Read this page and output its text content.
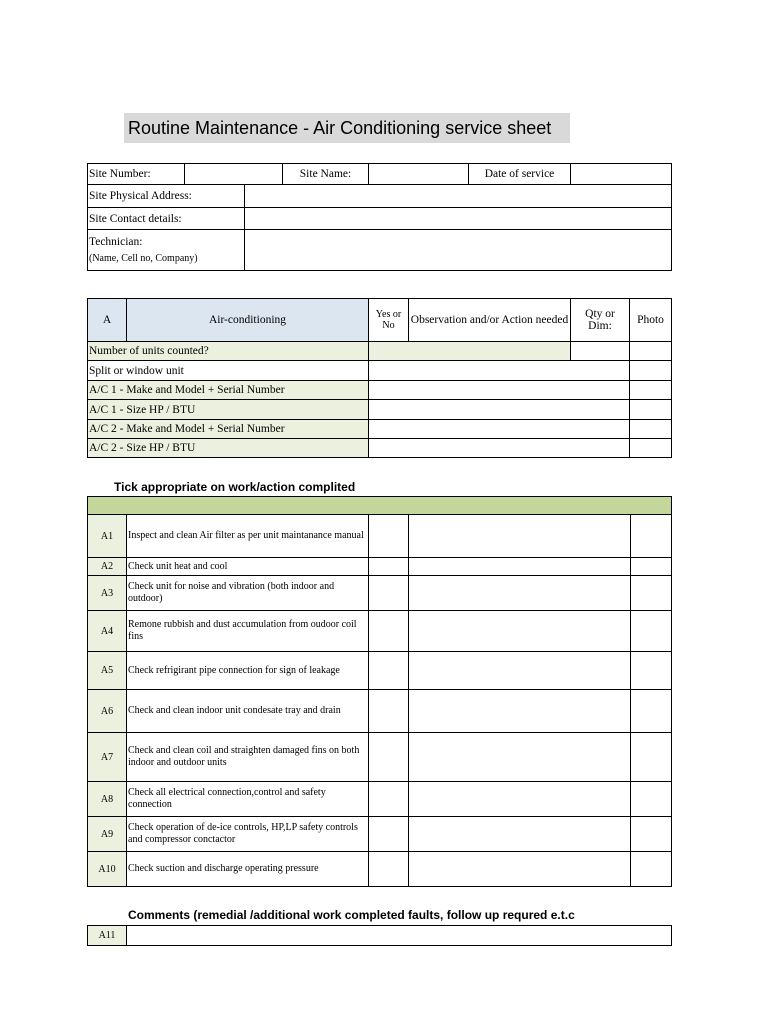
Routine Maintenance - Air Conditioning service sheet
Site Number:			Site Name:		Date of service	
Site Physical Address:						
Site Contact details:						

Technician:
(Name, Cell no, Company)						

A	Air-conditioning	Yes or No	Observation and/or Action needed	Qty or Dim:	Photo
Number of units counted?					
Split or window unit					
A/C 1 - Make and Model + Serial Number					
A/C 1 - Size HP / BTU					
A/C 2 - Make and Model + Serial Number					
A/C 2 - Size HP / BTU					
Tick appropriate on work/action complited

A1	Inspect and clean Air filter as per unit maintanance manual			
A2	Check unit heat and cool			
A3	Check unit for noise and vibration (both indoor and outdoor)			
A4	Remone rubbish and dust accumulation from oudoor coil fins			
A5	Check refrigirant pipe connection for sign of leakage			
A6	Check and clean indoor unit condesate tray and drain			
A7	Check and clean coil and straighten damaged fins on both indoor and outdoor units			
A8	Check all electrical connection,control and safety connection			
A9	Check operation of de-ice controls, HP,LP safety controls and compressor conctactor			
A10	Check suction and discharge operating pressure			
Comments (remedial /additional work completed faults, follow up requred e.t.c
A11	
